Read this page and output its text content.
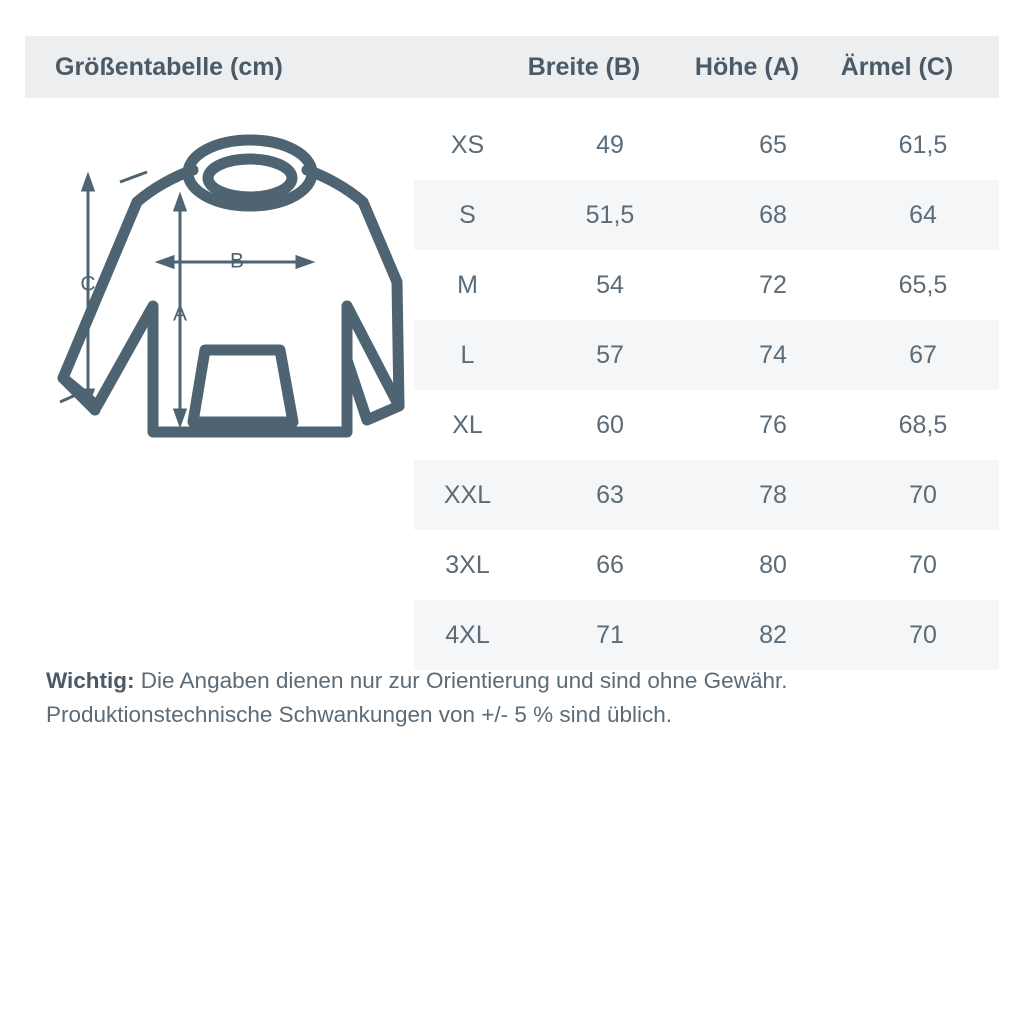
Größentabelle (cm)	Breite (B)	Höhe (A)	Ärmel (C)
C
A
B
XS	49	65	61,5
S	51,5	68	64
M	54	72	65,5
L	57	74	67
XL	60	76	68,5
XXL	63	78	70
3XL	66	80	70
4XL	71	82	70
Wichtig: Die Angaben dienen nur zur Orientierung und sind ohne Gewähr.
Produktionstechnische Schwankungen von +/- 5 % sind üblich.
